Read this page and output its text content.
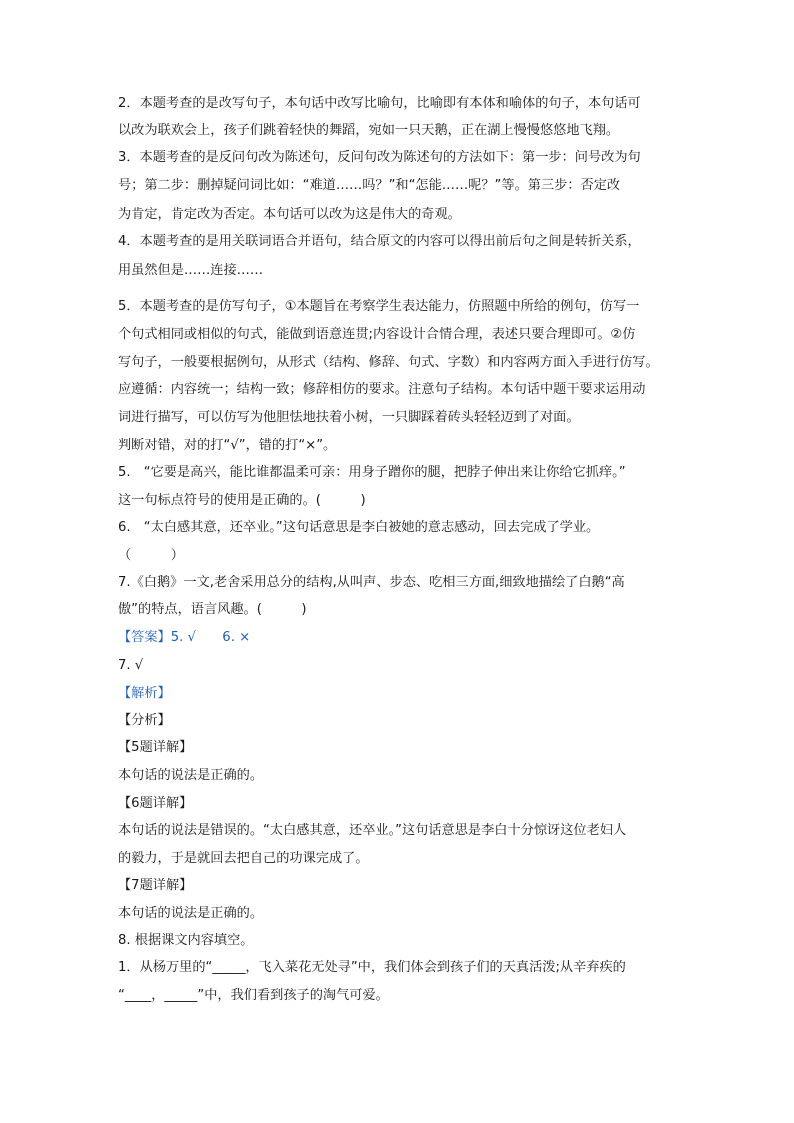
2．本题考查的是改写句子，本句话中改写比喻句，比喻即有本体和喻体的句子，本句话可
以改为联欢会上，孩子们跳着轻快的舞蹈，宛如一只天鹅，正在湖上慢慢悠悠地飞翔。
3．本题考查的是反问句改为陈述句，反问句改为陈述句的方法如下：第一步：问号改为句
号；第二步：删掉疑问词比如：“难道……吗？”和“怎能……呢？”等。第三步：否定改
为肯定，肯定改为否定。本句话可以改为这是伟大的奇观。
4．本题考查的是用关联词语合并语句，结合原文的内容可以得出前后句之间是转折关系，
用虽然但是……连接……
5．本题考查的是仿写句子，①本题旨在考察学生表达能力，仿照题中所给的例句，仿写一
个句式相同或相似的句式，能做到语意连贯;内容设计合情合理，表述只要合理即可。②仿
写句子，一般要根据例句，从形式（结构、修辞、句式、字数）和内容两方面入手进行仿写。
应遵循：内容统一；结构一致；修辞相仿的要求。注意句子结构。本句话中题干要求运用动
词进行描写，可以仿写为他胆怯地扶着小树，一只脚踩着砖头轻轻迈到了对面。
判断对错，对的打“√”，错的打“×”。
5.　“它要是高兴，能比谁都温柔可亲：用身子蹭你的腿，把脖子伸出来让你给它抓痒。”
这一句标点符号的使用是正确的。(　　　)
6.　“太白感其意，还卒业。”这句话意思是李白被她的意志感动，回去完成了学业。
（　　　）
7.《白鹅》一文,老舍采用总分的结构,从叫声、步态、吃相三方面,细致地描绘了白鹅“高
傲”的特点，语言风趣。(　　　)
【答案】5. √　　6. ×
7. √
【解析】
【分析】
【5题详解】
本句话的说法是正确的。
【6题详解】
本句话的说法是错误的。“太白感其意，还卒业。”这句话意思是李白十分惊讶这位老妇人
的毅力，于是就回去把自己的功课完成了。
【7题详解】
本句话的说法是正确的。
8. 根据课文内容填空。
1．从杨万里的“_____，飞入菜花无处寻”中，我们体会到孩子们的天真活泼;从辛弃疾的
“____，_____”中，我们看到孩子的淘气可爱。
